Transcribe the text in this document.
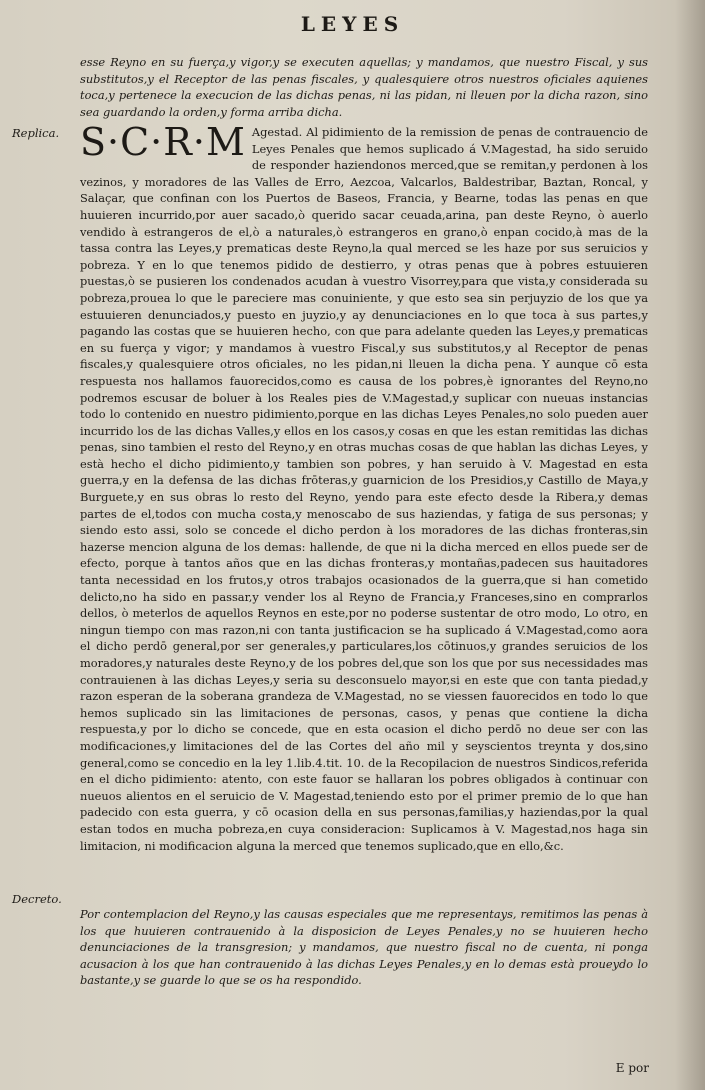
LEYES
esse Reyno en su fuerça,y vigor,y se executen aquellas; y mandamos, que nuestro Fiscal, y sus substitutos,y el Receptor de las penas fiscales, y qualesquiere otros nuestros oficiales aquienes toca,y pertenece la execucion de las dichas penas, ni las pidan, ni lleuen por la dicha razon, sino sea guardando la orden,y forma arriba dicha.
Replica. S·C·R·M Agestad. Al pidimiento de la remission de penas de contrauencio de Leyes Penales que hemos suplicado á V.Magestad, ha sido seruido de responder haziendonos merced,que se remitan,y perdonen à los vezinos, y moradores de las Valles de Erro, Aezcoa, Valcarlos, Baldestribar, Baztan, Roncal, y Salaçar, que confinan con los Puertos de Baseos, Francia, y Bearne, todas las penas en que huuieren incurrido,por auer sacado,ò querido sacar ceuada,arina, pan deste Reyno, ò auerlo vendido à estrangeros de el,ò a naturales,ò estrangeros en grano,ò enpan cocido,à mas de la tassa contra las Leyes,y prematicas deste Reyno,la qual merced se les haze por sus seruicios y pobreza. Y en lo que tenemos pidido de destierro, y otras penas que à pobres estuuieren puestas,ò se pusieren los condenados acudan à vuestro Visorrey,para que vista,y considerada su pobreza,prouea lo que le pareciere mas conuiniente, y que esto sea sin perjuyzio de los que ya estuuieren denunciados,y puesto en juyzio,y ay denunciaciones en lo que toca à sus partes,y pagando las costas que se huuieren hecho, con que para adelante queden las Leyes,y prematicas en su fuerça y vigor; y mandamos à vuestro Fiscal,y sus substitutos,y al Receptor de penas fiscales,y qualesquiere otros oficiales, no les pidan,ni lleuen la dicha pena. Y aunque cō esta respuesta nos hallamos fauorecidos,como es causa de los pobres,è ignorantes del Reyno,no podremos escusar de boluer à los Reales pies de V.Magestad,y suplicar con nueuas instancias todo lo contenido en nuestro pidimiento,porque en las dichas Leyes Penales,no solo pueden auer incurrido los de las dichas Valles,y ellos en los casos,y cosas en que les estan remitidas las dichas penas, sino tambien el resto del Reyno,y en otras muchas cosas de que hablan las dichas Leyes, y està hecho el dicho pidimiento,y tambien son pobres, y han seruido à V. Magestad en esta guerra,y en la defensa de las dichas frōteras,y guarnicion de los Presidios,y Castillo de Maya,y Burguete,y en sus obras lo resto del Reyno, yendo para este efecto desde la Ribera,y demas partes de el,todos con mucha costa,y menoscabo de sus haziendas, y fatiga de sus personas; y siendo esto assi, solo se concede el dicho perdon à los moradores de las dichas fronteras,sin hazerse mencion alguna de los demas: hallende, de que ni la dicha merced en ellos puede ser de efecto, porque à tantos años que en las dichas fronteras,y montañas,padecen sus hauitadores tanta necessidad en los frutos,y otros trabajos ocasionados de la guerra,que si han cometido delicto,no ha sido en passar,y vender los al Reyno de Francia,y Franceses,sino en comprarlos dellos, ò meterlos de aquellos Reynos en este,por no poderse sustentar de otro modo, Lo otro, en ningun tiempo con mas razon,ni con tanta justificacion se ha suplicado á V.Magestad,como aora el dicho perdō general,por ser generales,y particulares,los cōtinuos,y grandes seruicios de los moradores,y naturales deste Reyno,y de los pobres del,que son los que por sus necessidades mas contrauienen à las dichas Leyes,y seria su desconsuelo mayor,si en este que con tanta piedad,y razon esperan de la soberana grandeza de V.Magestad, no se viessen fauorecidos en todo lo que hemos suplicado sin las limitaciones de personas, casos, y penas que contiene la dicha respuesta,y por lo dicho se concede, que en esta ocasion el dicho perdō no deue ser con las modificaciones,y limitaciones del de las Cortes del año mil y seyscientos treynta y dos,sino general,como se concedio en la ley 1.lib.4.tit. 10. de la Recopilacion de nuestros Sindicos,referida en el dicho pidimiento: atento, con este fauor se hallaran los pobres obligados à continuar con nueuos alientos en el seruicio de V. Magestad,teniendo esto por el primer premio de lo que han padecido con esta guerra, y cō ocasion della en sus personas,familias,y haziendas,por la qual estan todos en mucha pobreza,en cuya consideracion: Suplicamos à V. Magestad,nos haga sin limitacion, ni modificacion alguna la merced que tenemos suplicado,que en ello,&c.
Decreto.
Por contemplacion del Reyno,y las causas especiales que me representays, remitimos las penas à los que huuieren contrauenido à la disposicion de Leyes Penales,y no se huuieren hecho denunciaciones de la transgresion; y mandamos, que nuestro fiscal no de cuenta, ni ponga acusacion à los que han contrauenido à las dichas Leyes Penales,y en lo demas està proueydo lo bastante,y se guarde lo que se os ha respondido.
E por
